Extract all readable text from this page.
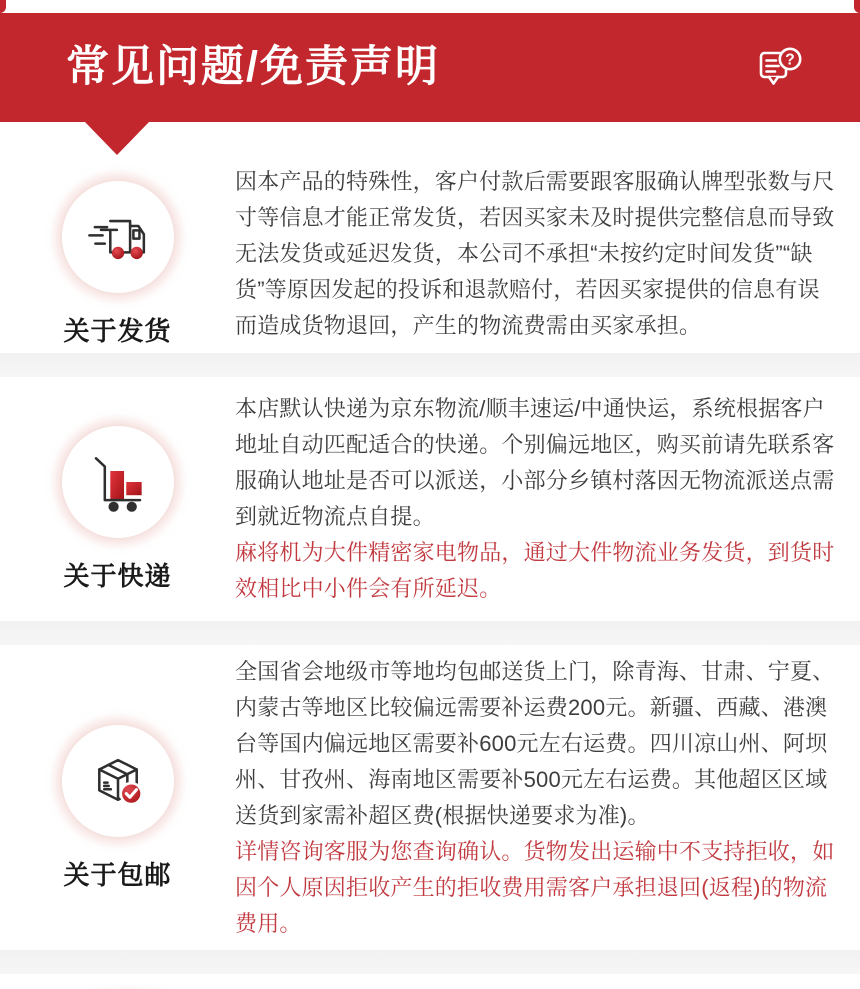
常见问题/免责声明	?
关于发货

因本产品的特殊性，客户付款后需要跟客服确认牌型张数与尺寸等信息才能正常发货，若因买家未及时提供完整信息而导致无法发货或延迟发货，本公司不承担“未按约定时间发货”“缺货”等原因发起的投诉和退款赔付，若因买家提供的信息有误而造成货物退回，产生的物流费需由买家承担。

关于快递

本店默认快递为京东物流/顺丰速运/中通快运，系统根据客户地址自动匹配适合的快递。个别偏远地区，购买前请先联系客服确认地址是否可以派送，小部分乡镇村落因无物流派送点需到就近物流点自提。

麻将机为大件精密家电物品，通过大件物流业务发货，到货时效相比中小件会有所延迟。

关于包邮

全国省会地级市等地均包邮送货上门，除青海、甘肃、宁夏、内蒙古等地区比较偏远需要补运费200元。新疆、西藏、港澳台等国内偏远地区需要补600元左右运费。四川凉山州、阿坝州、甘孜州、海南地区需要补500元左右运费。其他超区区域送货到家需补超区费(根据快递要求为准)。

详情咨询客服为您查询确认。货物发出运输中不支持拒收，如因个人原因拒收产生的拒收费用需客户承担退回(返程)的物流费用。
